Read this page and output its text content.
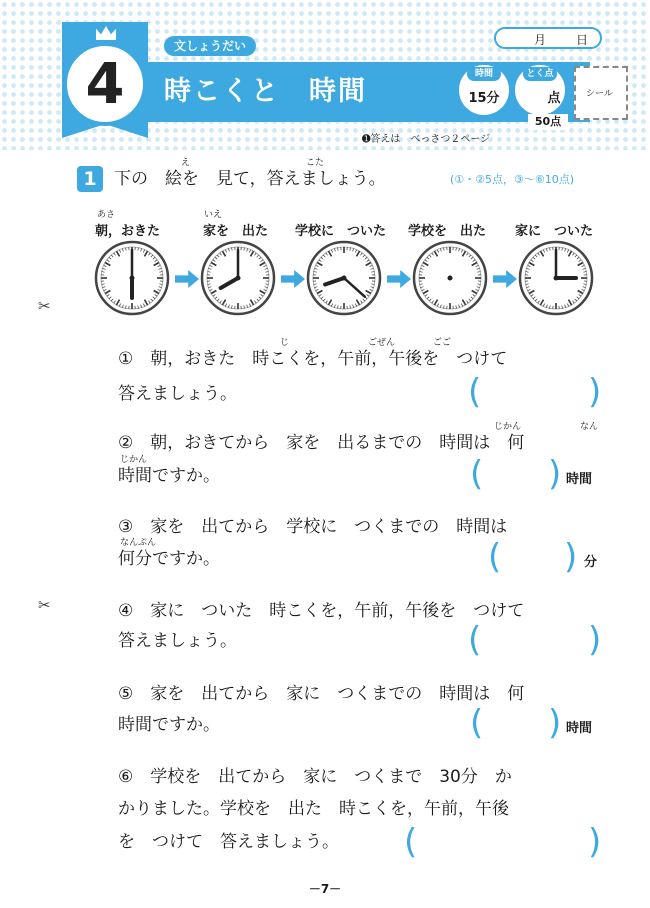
4
文しょうだい
時こくと　時間
月 日
時間
15分
とく点
点
50点
シール
➊答えは　べっさつ２ページ
1
え	こた
下の　絵を　見て，答えましょう。	(①・②5点，③〜⑥10点)
あさ
朝，おきた
いえ
家を　出た 学校に　ついた 学校を　出た 家に　ついた
✂
✂
じ	ごぜん	ごご
①　朝，おきた　時こくを，午前，午後を　つけて
答えましょう。	(	)
じかん	なん
じかん
②　朝，おきてから　家を　出るまでの　時間は　何
時間ですか。	( ) 時間
なんぷん
③　家を　出てから　学校に　つくまでの　時間は
何分ですか。	( ) 分
④　家に　ついた　時こくを，午前，午後を　つけて
答えましょう。	(	)
⑤　家を　出てから　家に　つくまでの　時間は　何
時間ですか。	( ) 時間
⑥　学校を　出てから　家に　つくまで　30分　か
かりました。学校を　出た　時こくを，午前，午後
を　つけて　答えましょう。 (	)
－7－
